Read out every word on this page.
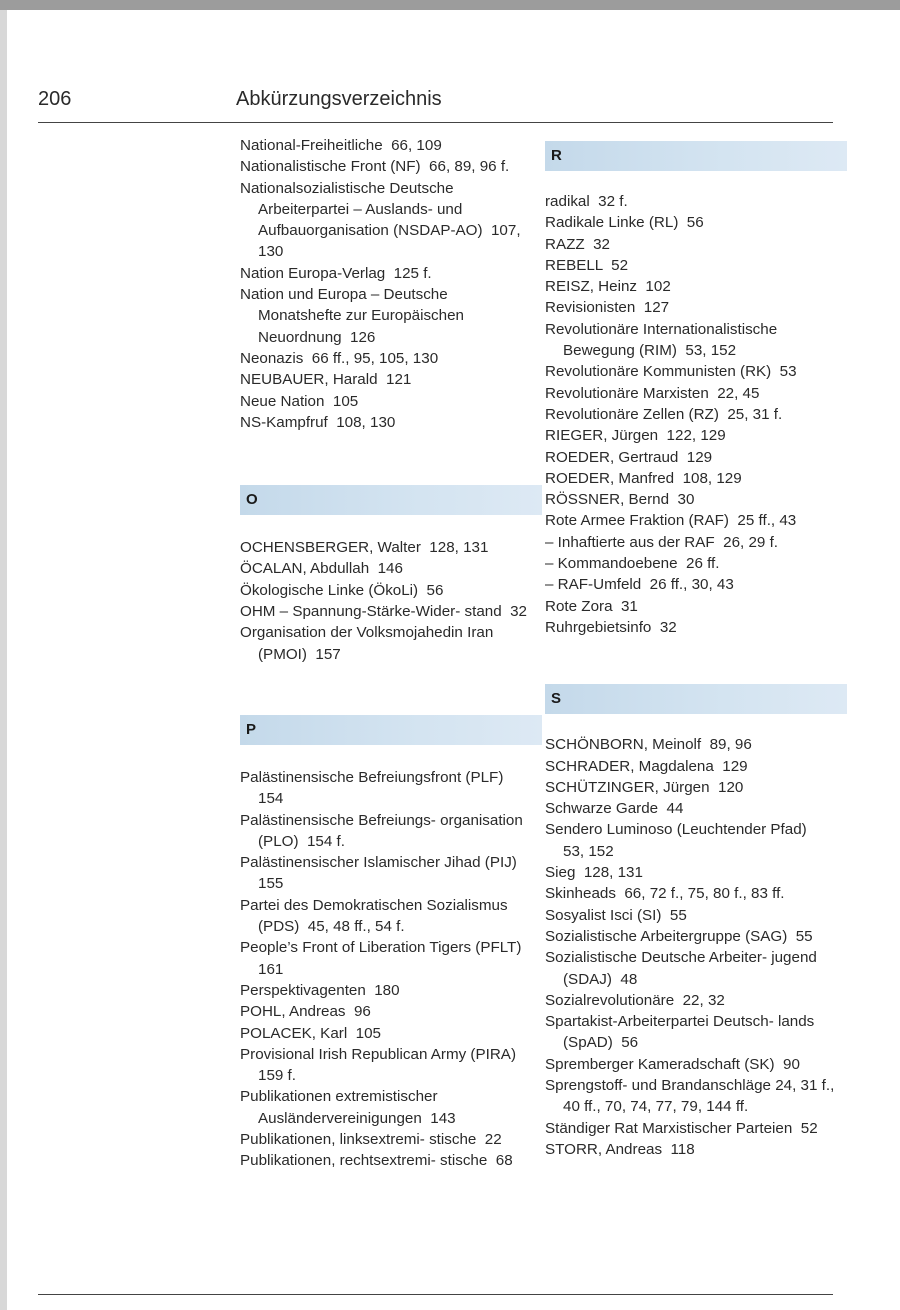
206	Abkürzungsverzeichnis
National-Freiheitliche  66, 109
Nationalistische Front (NF)  66, 89, 96 f.
Nationalsozialistische Deutsche Arbeiterpartei – Auslands- und Aufbauorganisation (NSDAP-AO)  107, 130
Nation Europa-Verlag  125 f.
Nation und Europa – Deutsche Monatshefte zur Europäischen Neuordnung  126
Neonazis  66 ff., 95, 105, 130
NEUBAUER, Harald  121
Neue Nation  105
NS-Kampfruf  108, 130
O
OCHENSBERGER, Walter  128, 131
ÖCALAN, Abdullah  146
Ökologische Linke (ÖkoLi)  56
OHM – Spannung-Stärke-Wider- stand  32
Organisation der Volksmojahedin Iran (PMOI)  157
P
Palästinensische Befreiungsfront (PLF)  154
Palästinensische Befreiungs- organisation (PLO)  154 f.
Palästinensischer Islamischer Jihad (PIJ)  155
Partei des Demokratischen Sozialismus (PDS)  45, 48 ff., 54 f.
People’s Front of Liberation Tigers (PFLT)  161
Perspektivagenten  180
POHL, Andreas  96
POLACEK, Karl  105
Provisional Irish Republican Army (PIRA)  159 f.
Publikationen extremistischer Ausländervereinigungen  143
Publikationen, linksextremi- stische  22
Publikationen, rechtsextremi- stische  68
R
radikal  32 f.
Radikale Linke (RL)  56
RAZZ  32
REBELL  52
REISZ, Heinz  102
Revisionisten  127
Revolutionäre Internationalistische Bewegung (RIM)  53, 152
Revolutionäre Kommunisten (RK)  53
Revolutionäre Marxisten  22, 45
Revolutionäre Zellen (RZ)  25, 31 f.
RIEGER, Jürgen  122, 129
ROEDER, Gertraud  129
ROEDER, Manfred  108, 129
RÖSSNER, Bernd  30
Rote Armee Fraktion (RAF)  25 ff., 43
– Inhaftierte aus der RAF  26, 29 f.
– Kommandoebene  26 ff.
– RAF-Umfeld  26 ff., 30, 43
Rote Zora  31
Ruhrgebietsinfo  32
S
SCHÖNBORN, Meinolf  89, 96
SCHRADER, Magdalena  129
SCHÜTZINGER, Jürgen  120
Schwarze Garde  44
Sendero Luminoso (Leuchtender Pfad)  53, 152
Sieg  128, 131
Skinheads  66, 72 f., 75, 80 f., 83 ff.
Sosyalist Isci (SI)  55
Sozialistische Arbeitergruppe (SAG)  55
Sozialistische Deutsche Arbeiter- jugend (SDAJ)  48
Sozialrevolutionäre  22, 32
Spartakist-Arbeiterpartei Deutsch- lands (SpAD)  56
Spremberger Kameradschaft (SK)  90
Sprengstoff- und Brandanschläge 24, 31 f., 40 ff., 70, 74, 77, 79, 144 ff.
Ständiger Rat Marxistischer Parteien  52
STORR, Andreas  118
